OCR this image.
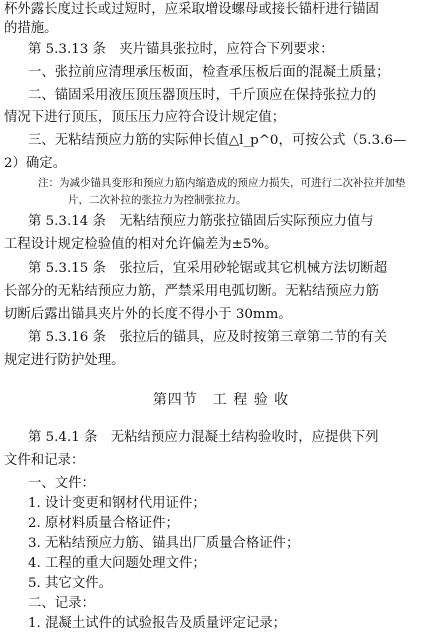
杯外露长度过长或过短时，应采取增设螺母或接长锚杆进行锚固
的措施。
第 5.3.13 条　夹片锚具张拉时，应符合下列要求：
一、张拉前应清理承压板面，检查承压板后面的混凝土质量；
二、锚固采用液压顶压器顶压时，千斤顶应在保持张拉力的
情况下进行顶压，顶压压力应符合设计规定值；
三、无粘结预应力筋的实际伸长值△l_p^0，可按公式（5.3.6—
2）确定。
注：为减少锚具变形和预应力筋内缩造成的预应力损失，可进行二次补拉并加垫
片，二次补拉的张拉力为控制张拉力。
第 5.3.14 条　无粘结预应力筋张拉锚固后实际预应力值与
工程设计规定检验值的相对允许偏差为±5%。
第 5.3.15 条　张拉后，宜采用砂轮锯或其它机械方法切断超
长部分的无粘结预应力筋，严禁采用电弧切断。无粘结预应力筋
切断后露出锚具夹片外的长度不得小于 30mm。
第 5.3.16 条　张拉后的锚具，应及时按第三章第二节的有关
规定进行防护处理。
第四节　工 程 验 收
第 5.4.1 条　无粘结预应力混凝土结构验收时，应提供下列
文件和记录：
一、文件：
1. 设计变更和钢材代用证件；
2. 原材料质量合格证件；
3. 无粘结预应力筋、锚具出厂质量合格证件；
4. 工程的重大问题处理文件；
5. 其它文件。
二、记录：
1. 混凝土试件的试验报告及质量评定记录；
